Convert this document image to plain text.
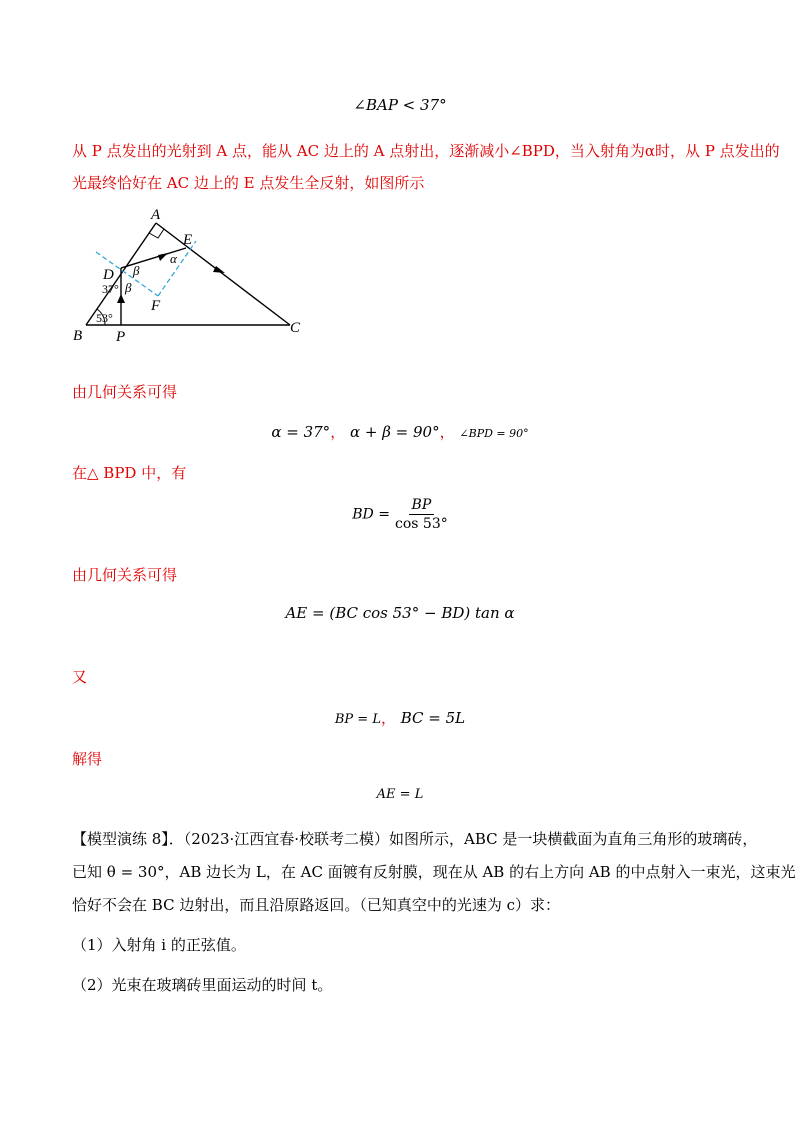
∠BAP < 37°
从 P 点发出的光射到 A 点，能从 AC 边上的 A 点射出，逐渐减小∠BPD，当入射角为α时，从 P 点发出的
光最终恰好在 AC 边上的 E 点发生全反射，如图所示
A
E
D
α
β
β
37°
F
53°
B P
C
由几何关系可得
α = 37°， α + β = 90°， ∠BPD = 90°
在△ BPD 中，有
BD = $\frac{BP}{\cos 53^\circ}$
由几何关系可得
AE = (BC cos 53° − BD) tan α
又
BP = L， BC = 5L
解得
AE = L
【模型演练 8】．（2023·江西宜春·校联考二模）如图所示，ABC 是一块横截面为直角三角形的玻璃砖，
已知 θ = 30°，AB 边长为 L，在 AC 面镀有反射膜，现在从 AB 的右上方向 AB 的中点射入一束光，这束光
恰好不会在 BC 边射出，而且沿原路返回。（已知真空中的光速为 c）求：
（1）入射角 i 的正弦值。
（2）光束在玻璃砖里面运动的时间 t。
